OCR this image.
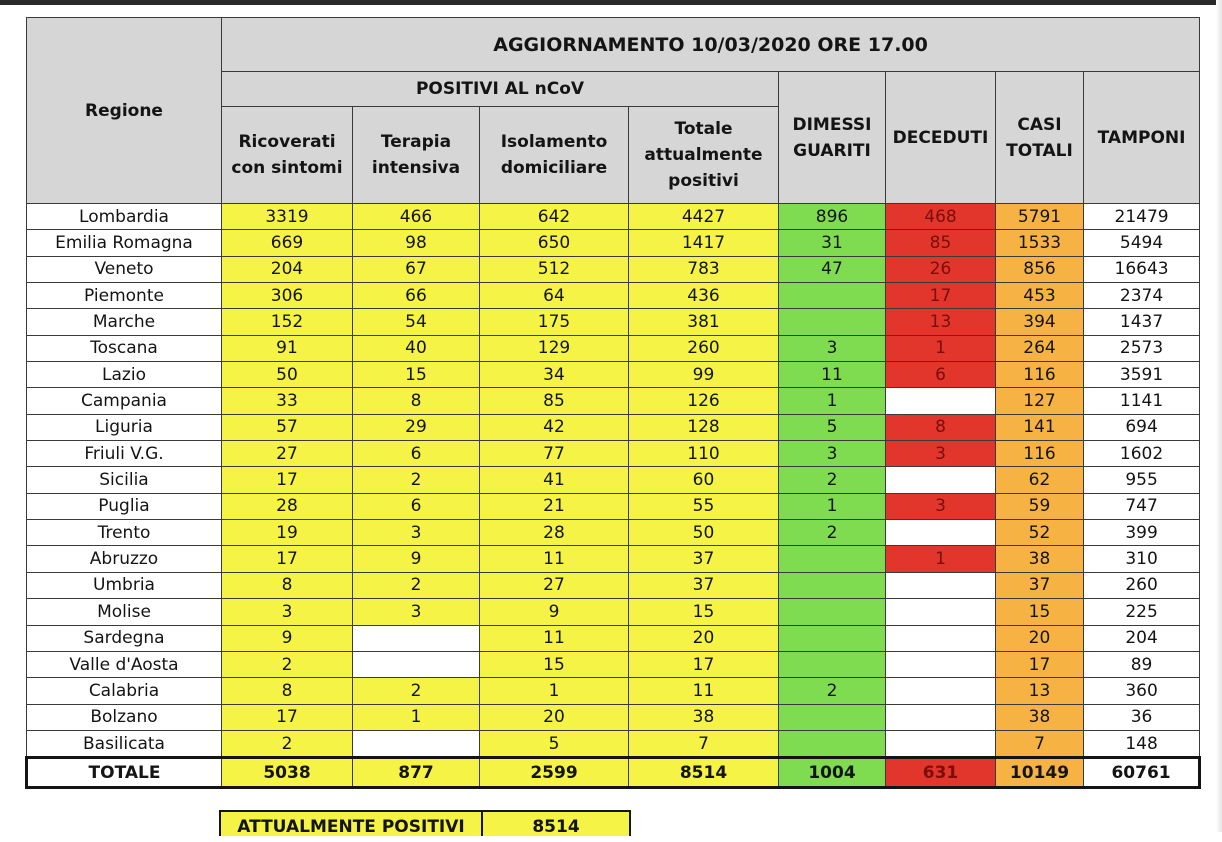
Regione	AGGIORNAMENTO 10/03/2020 ORE 17.00							
	POSITIVI AL nCoV				DIMESSI GUARITI	DECEDUTI	CASI TOTALI	TAMPONI
	Ricoverati con sintomi	Terapia intensiva	Isolamento domiciliare	Totale attualmente positivi				
Lombardia	3319	466	642	4427	896	468	5791	21479
Emilia Romagna	669	98	650	1417	31	85	1533	5494
Veneto	204	67	512	783	47	26	856	16643
Piemonte	306	66	64	436		17	453	2374
Marche	152	54	175	381		13	394	1437
Toscana	91	40	129	260	3	1	264	2573
Lazio	50	15	34	99	11	6	116	3591
Campania	33	8	85	126	1		127	1141
Liguria	57	29	42	128	5	8	141	694
Friuli V.G.	27	6	77	110	3	3	116	1602
Sicilia	17	2	41	60	2		62	955
Puglia	28	6	21	55	1	3	59	747
Trento	19	3	28	50	2		52	399
Abruzzo	17	9	11	37		1	38	310
Umbria	8	2	27	37			37	260
Molise	3	3	9	15			15	225
Sardegna	9		11	20			20	204
Valle d'Aosta	2		15	17			17	89
Calabria	8	2	1	11	2		13	360
Bolzano	17	1	20	38			38	36
Basilicata	2		5	7			7	148
TOTALE	5038	877	2599	8514	1004	631	10149	60761
ATTUALMENTE POSITIVI	8514
